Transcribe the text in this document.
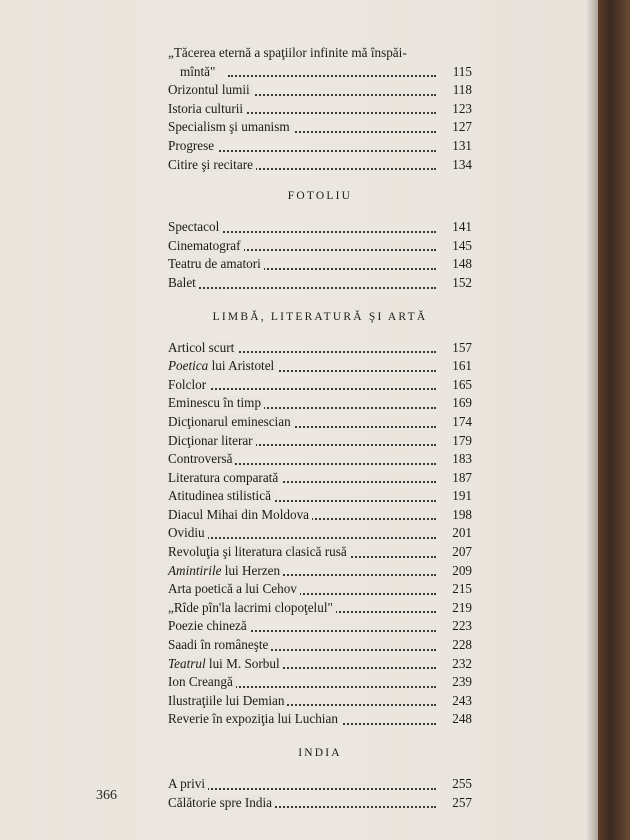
„Tăcerea eternă a spaţiilor infinite mă înspăi-
mîntă"	115
Orizontul lumii	118
Istoria culturii	123
Specialism şi umanism	127
Progrese	131
Citire şi recitare	134
FOTOLIU
Spectacol	141
Cinematograf	145
Teatru de amatori	148
Balet	152
LIMBĂ, LITERATURĂ ŞI ARTĂ
Articol scurt	157
Poetica lui Aristotel	161
Folclor	165
Eminescu în timp	169
Dicţionarul eminescian	174
Dicţionar literar	179
Controversă	183
Literatura comparată	187
Atitudinea stilistică	191
Diacul Mihai din Moldova	198
Ovidiu	201
Revoluţia şi literatura clasică rusă	207
Amintirile lui Herzen	209
Arta poetică a lui Cehov	215
„Rîde pîn'la lacrimi clopoţelul"	219
Poezie chineză	223
Saadi în româneşte	228
Teatrul lui M. Sorbul	232
Ion Creangă	239
Ilustraţiile lui Demian	243
Reverie în expoziţia lui Luchian	248
INDIA
A privi	255
Călătorie spre India	257
366
